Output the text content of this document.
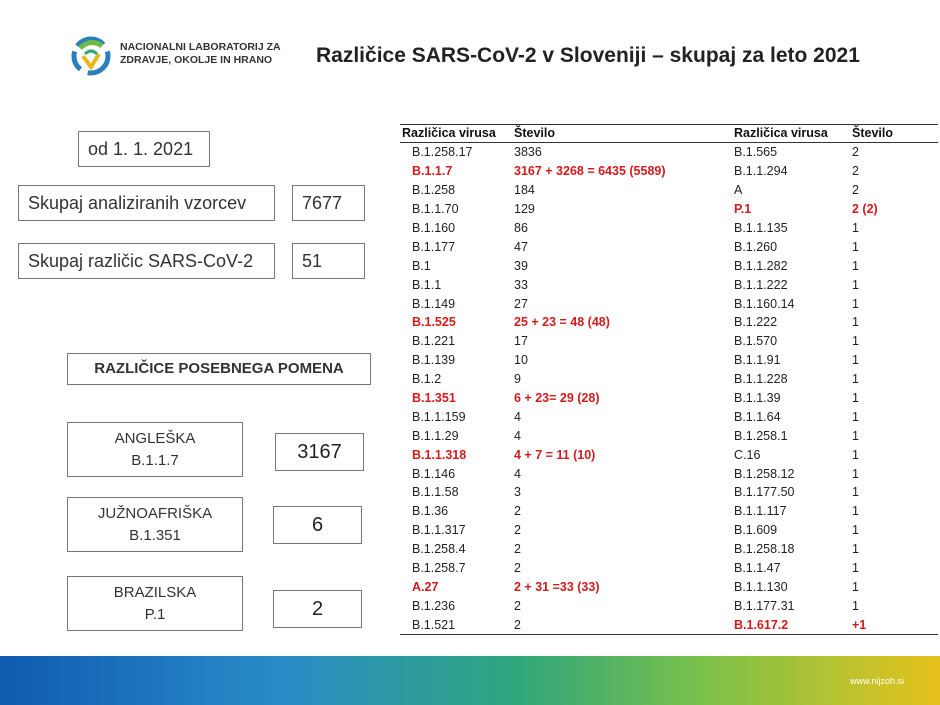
NACIONALNI LABORATORIJ ZA
ZDRAVJE, OKOLJE IN HRANO	Različice SARS-CoV-2 v Sloveniji – skupaj za leto 2021
od 1. 1. 2021
Skupaj analiziranih vzorcev	7677
Skupaj različic SARS-CoV-2	51
RAZLIČICE POSEBNEGA POMENA
ANGLEŠKA
B.1.1.7	3167
JUŽNOAFRIŠKA
B.1.351	6
BRAZILSKA
P.1	2
Različica virusa	Število	Različica virusa	Število
B.1.258.17	3836	B.1.565	2
B.1.1.7	3167 + 3268 = 6435 (5589)	B.1.1.294	2
B.1.258	184	A	2
B.1.1.70	129	P.1	2 (2)
B.1.160	86	B.1.1.135	1
B.1.177	47	B.1.260	1
B.1	39	B.1.1.282	1
B.1.1	33	B.1.1.222	1
B.1.149	27	B.1.160.14	1
B.1.525	25 + 23 = 48 (48)	B.1.222	1
B.1.221	17	B.1.570	1
B.1.139	10	B.1.1.91	1
B.1.2	9	B.1.1.228	1
B.1.351	6 + 23= 29 (28)	B.1.1.39	1
B.1.1.159	4	B.1.1.64	1
B.1.1.29	4	B.1.258.1	1
B.1.1.318	4 + 7 = 11 (10)	C.16	1
B.1.146	4	B.1.258.12	1
B.1.1.58	3	B.1.177.50	1
B.1.36	2	B.1.1.117	1
B.1.1.317	2	B.1.609	1
B.1.258.4	2	B.1.258.18	1
B.1.258.7	2	B.1.1.47	1
A.27	2 + 31 =33 (33)	B.1.1.130	1
B.1.236	2	B.1.177.31	1
B.1.521	2	B.1.617.2	+1
www.nijzoh.si
